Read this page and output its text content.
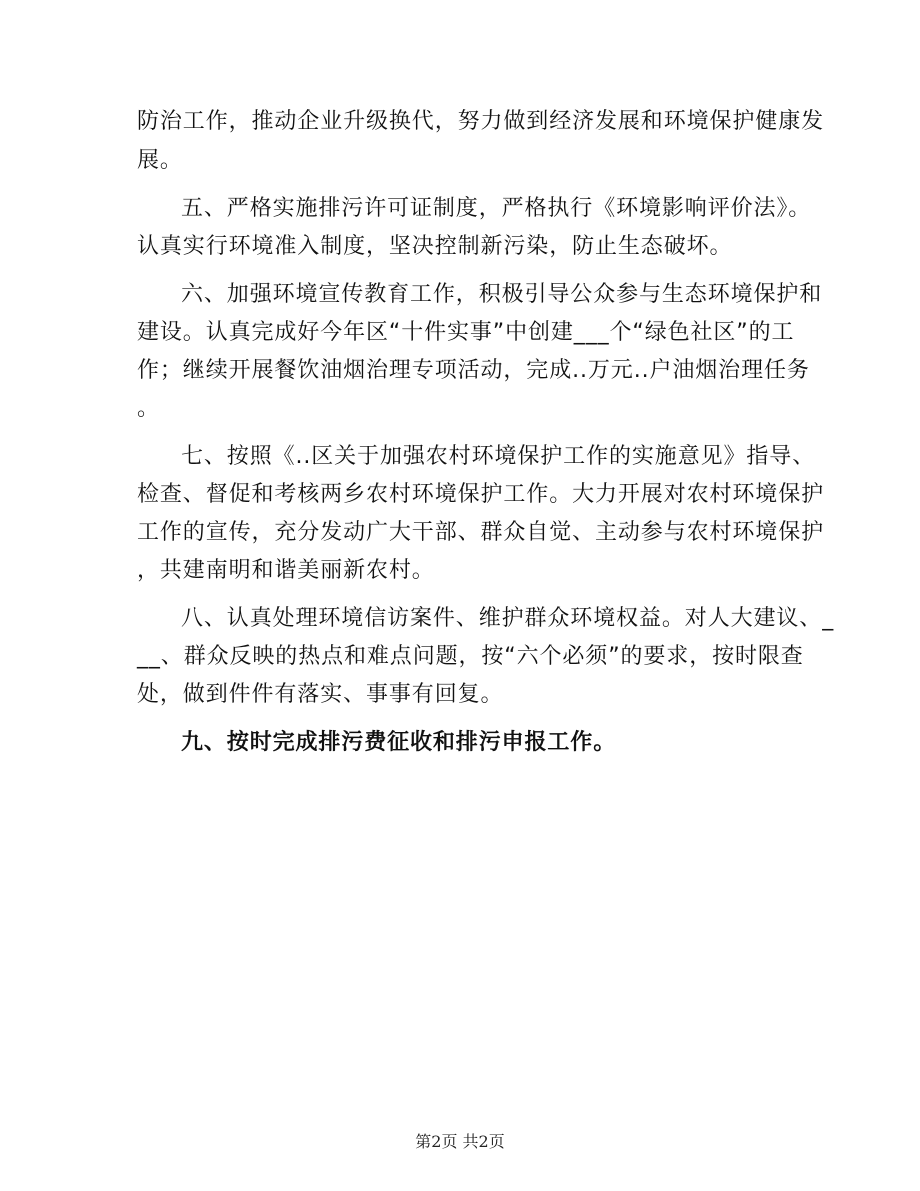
防治工作，推动企业升级换代，努力做到经济发展和环境保护健康发
展。
五、严格实施排污许可证制度，严格执行《环境影响评价法》。
认真实行环境准入制度，坚决控制新污染，防止生态破坏。
六、加强环境宣传教育工作，积极引导公众参与生态环境保护和
建设。认真完成好今年区“十件实事”中创建___个“绿色社区”的工
作；继续开展餐饮油烟治理专项活动，完成..万元..户油烟治理任务
。
七、按照《..区关于加强农村环境保护工作的实施意见》指导、
检查、督促和考核两乡农村环境保护工作。大力开展对农村环境保护
工作的宣传，充分发动广大干部、群众自觉、主动参与农村环境保护
，共建南明和谐美丽新农村。
八、认真处理环境信访案件、维护群众环境权益。对人大建议、_
__、群众反映的热点和难点问题，按“六个必须”的要求，按时限查
处，做到件件有落实、事事有回复。
九、按时完成排污费征收和排污申报工作。
第2页 共2页
